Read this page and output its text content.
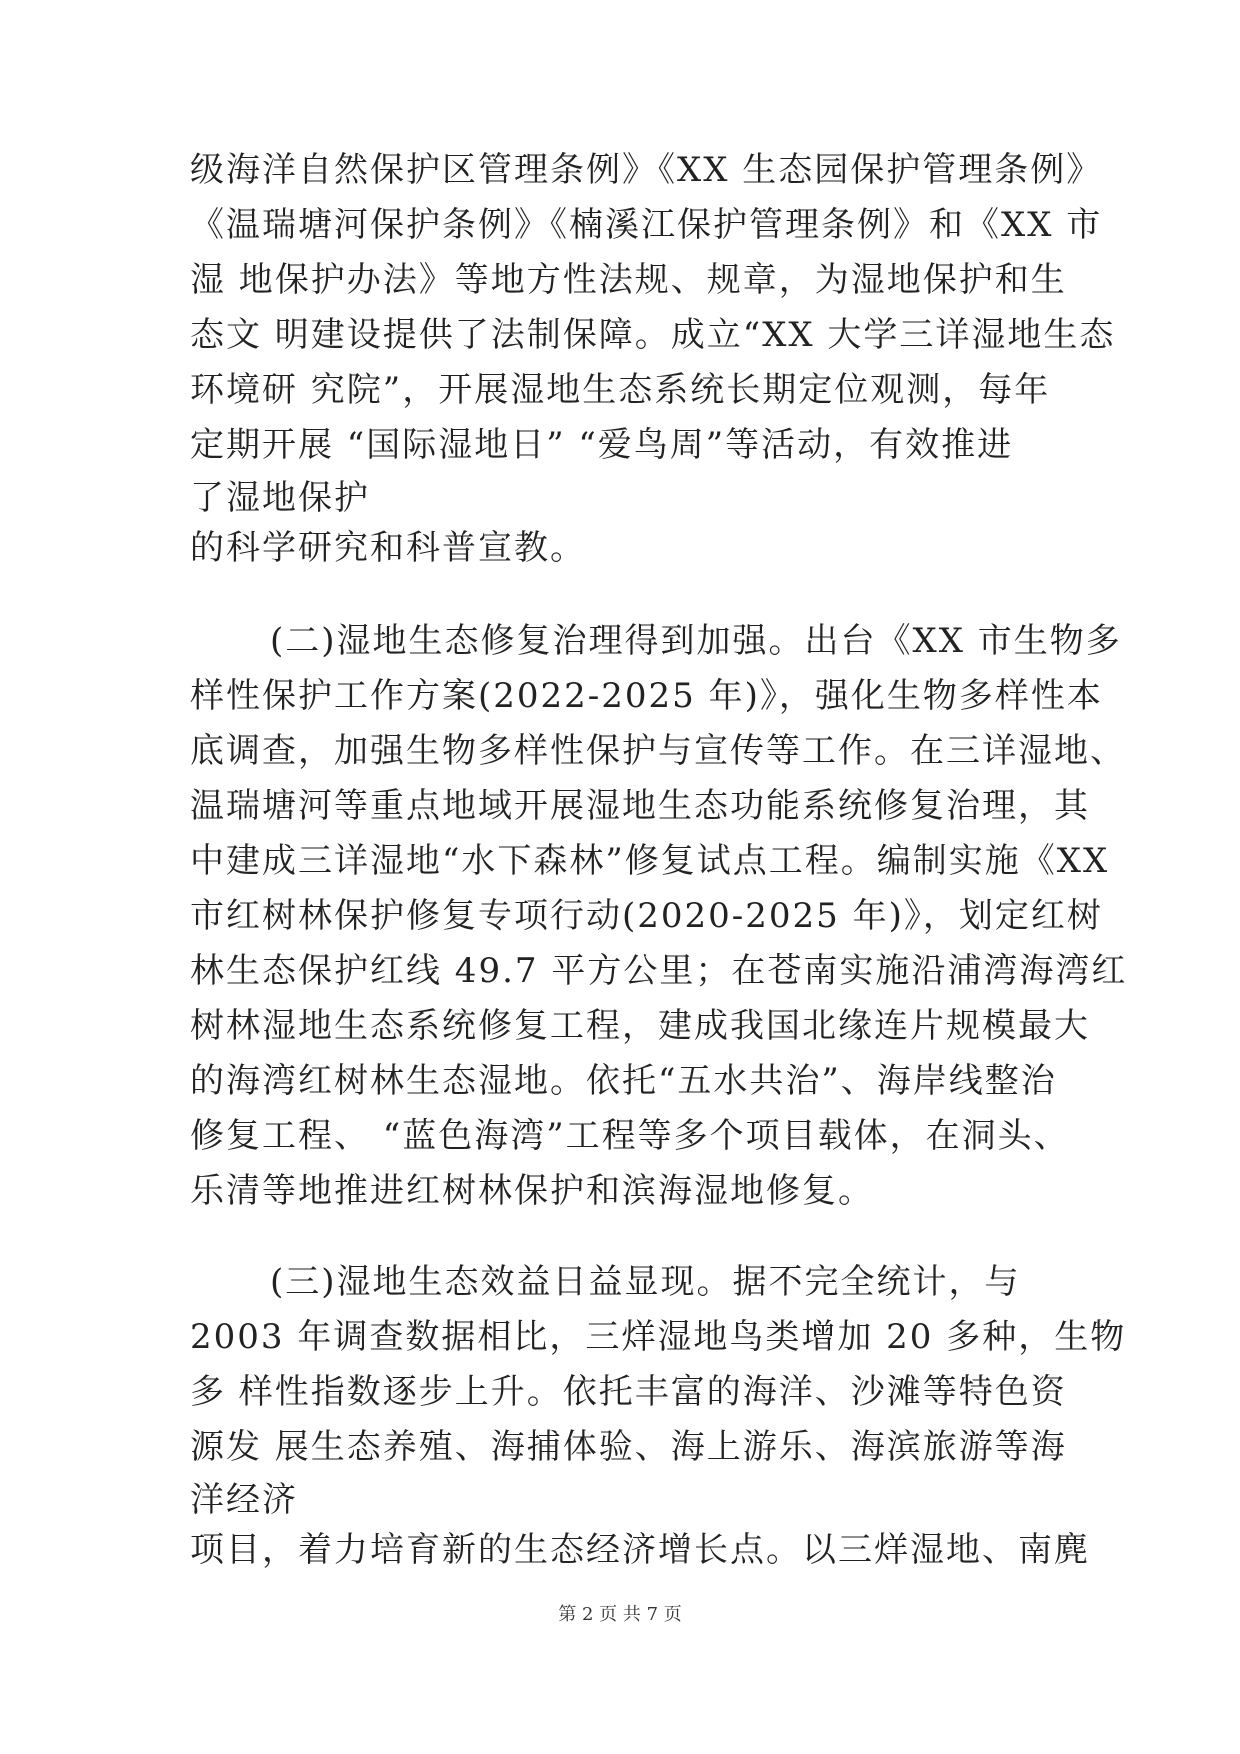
级海洋自然保护区管理条例》《XX 生态园保护管理条例》
《温瑞塘河保护条例》《楠溪江保护管理条例》和《XX 市
湿 地保护办法》等地方性法规、规章，为湿地保护和生
态文 明建设提供了法制保障。成立“XX 大学三详湿地生态
环境研 究院”，开展湿地生态系统长期定位观测，每年
定期开展 “国际湿地日” “爱鸟周”等活动，有效推进
了湿地保护
的科学研究和科普宣教。
(二)湿地生态修复治理得到加强。出台《XX 市生物多
样性保护工作方案(2022-2025 年)》，强化生物多样性本
底调查，加强生物多样性保护与宣传等工作。在三详湿地、
温瑞塘河等重点地域开展湿地生态功能系统修复治理，其
中建成三详湿地“水下森林”修复试点工程。编制实施《XX
市红树林保护修复专项行动(2020-2025 年)》，划定红树
林生态保护红线 49.7 平方公里；在苍南实施沿浦湾海湾红
树林湿地生态系统修复工程，建成我国北缘连片规模最大
的海湾红树林生态湿地。依托“五水共治”、海岸线整治
修复工程、 “蓝色海湾”工程等多个项目载体，在洞头、
乐清等地推进红树林保护和滨海湿地修复。
(三)湿地生态效益日益显现。据不完全统计，与
2003 年调查数据相比，三烊湿地鸟类增加 20 多种，生物
多 样性指数逐步上升。依托丰富的海洋、沙滩等特色资
源发 展生态养殖、海捕体验、海上游乐、海滨旅游等海
洋经济
项目，着力培育新的生态经济增长点。以三烊湿地、南麂
第 2 页 共 7 页
